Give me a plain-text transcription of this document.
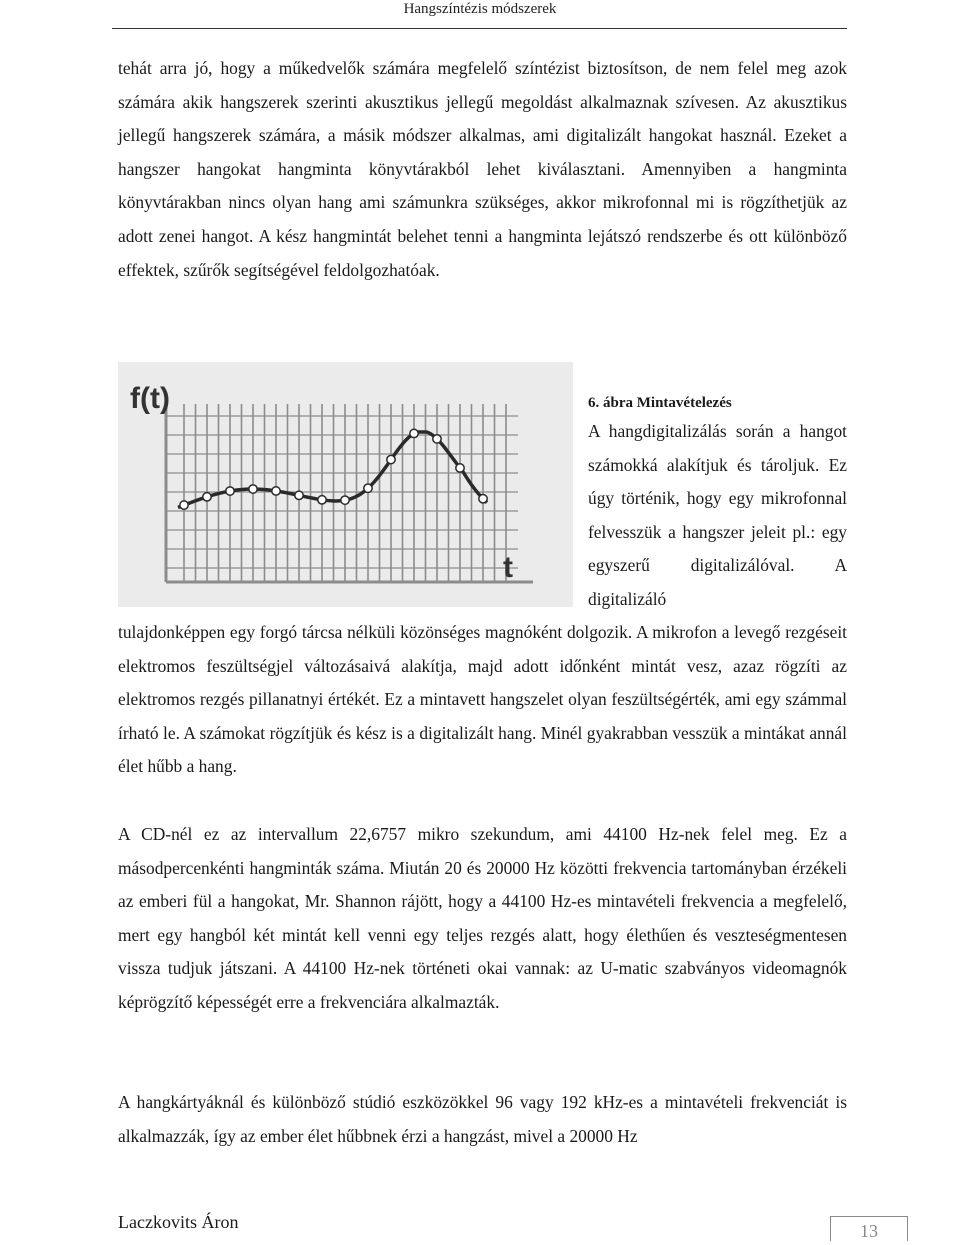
Hangszíntézis módszerek

tehát arra jó, hogy a műkedvelők számára megfelelő színtézist biztosítson, de nem felel meg azok számára akik hangszerek szerinti akusztikus jellegű megoldást alkalmaznak szívesen. Az akusztikus jellegű hangszerek számára, a másik módszer alkalmas, ami digitalizált hangokat használ. Ezeket a hangszer hangokat hangminta könyvtárakból lehet kiválasztani. Amennyiben a hangminta könyvtárakban nincs olyan hang ami számunkra szükséges, akkor mikrofonnal mi is rögzíthetjük az adott zenei hangot. A kész hangmintát belehet tenni a hangminta lejátszó rendszerbe és ott különböző effektek, szűrők segítségével feldolgozhatóak.

f(t)
t
6. ábra Mintavételezés

A hangdigitalizálás során a hangot számokká alakítjuk és tároljuk. Ez úgy történik, hogy egy mikrofonnal felvesszük a hangszer jeleit pl.: egy egyszerű digitalizálóval. A digitalizáló

tulajdonképpen egy forgó tárcsa nélküli közönséges magnóként dolgozik. A mikrofon a levegő rezgéseit elektromos feszültségjel változásaivá alakítja, majd adott időnként mintát vesz, azaz rögzíti az elektromos rezgés pillanatnyi értékét. Ez a mintavett hangszelet olyan feszültségérték, ami egy számmal írható le. A számokat rögzítjük és kész is a digitalizált hang. Minél gyakrabban vesszük a mintákat annál élet hűbb a hang.

A CD-nél ez az intervallum 22,6757 mikro szekundum, ami 44100 Hz-nek felel meg. Ez a másodpercenkénti hangminták száma. Miután 20 és 20000 Hz közötti frekvencia tartományban érzékeli az emberi fül a hangokat, Mr. Shannon rájött, hogy a 44100 Hz-es mintavételi frekvencia a megfelelő, mert egy hangból két mintát kell venni egy teljes rezgés alatt, hogy élethűen és veszteségmentesen vissza tudjuk játszani. A 44100 Hz-nek történeti okai vannak: az U-matic szabványos videomagnók képrögzítő képességét erre a frekvenciára alkalmazták.

A hangkártyáknál és különböző stúdió eszközökkel 96 vagy 192 kHz-es a mintavételi frekvenciát is alkalmazzák, így az ember élet hűbbnek érzi a hangzást, mivel a 20000 Hz

Laczkovits Áron	13
